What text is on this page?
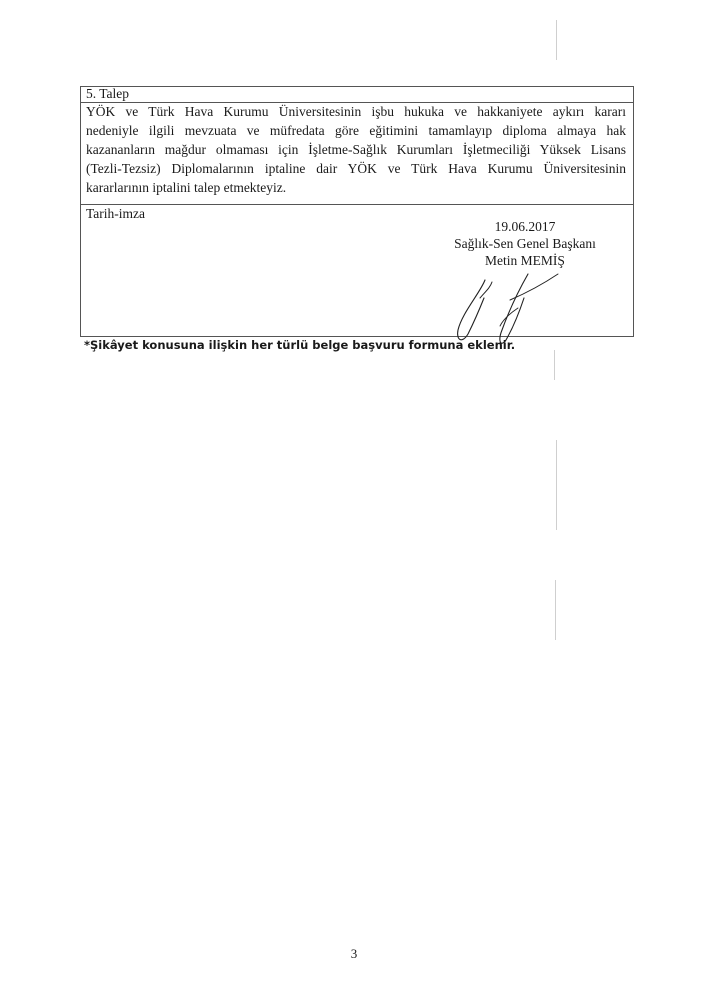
5. Talep

YÖK ve Türk Hava Kurumu Üniversitesinin işbu hukuka ve hakkaniyete aykırı kararı
nedeniyle ilgili mevzuata ve müfredata göre eğitimini tamamlayıp diploma almaya hak
kazananların mağdur olmaması için İşletme-Sağlık Kurumları İşletmeciliği Yüksek Lisans
(Tezli-Tezsiz) Diplomalarının iptaline dair YÖK ve Türk Hava Kurumu Üniversitesinin
kararlarının iptalini talep etmekteyiz.

Tarih-imza
19.06.2017
Sağlık-Sen Genel Başkanı
Metin MEMİŞ
*Şikâyet konusuna ilişkin her türlü belge başvuru formuna eklenir.
3
